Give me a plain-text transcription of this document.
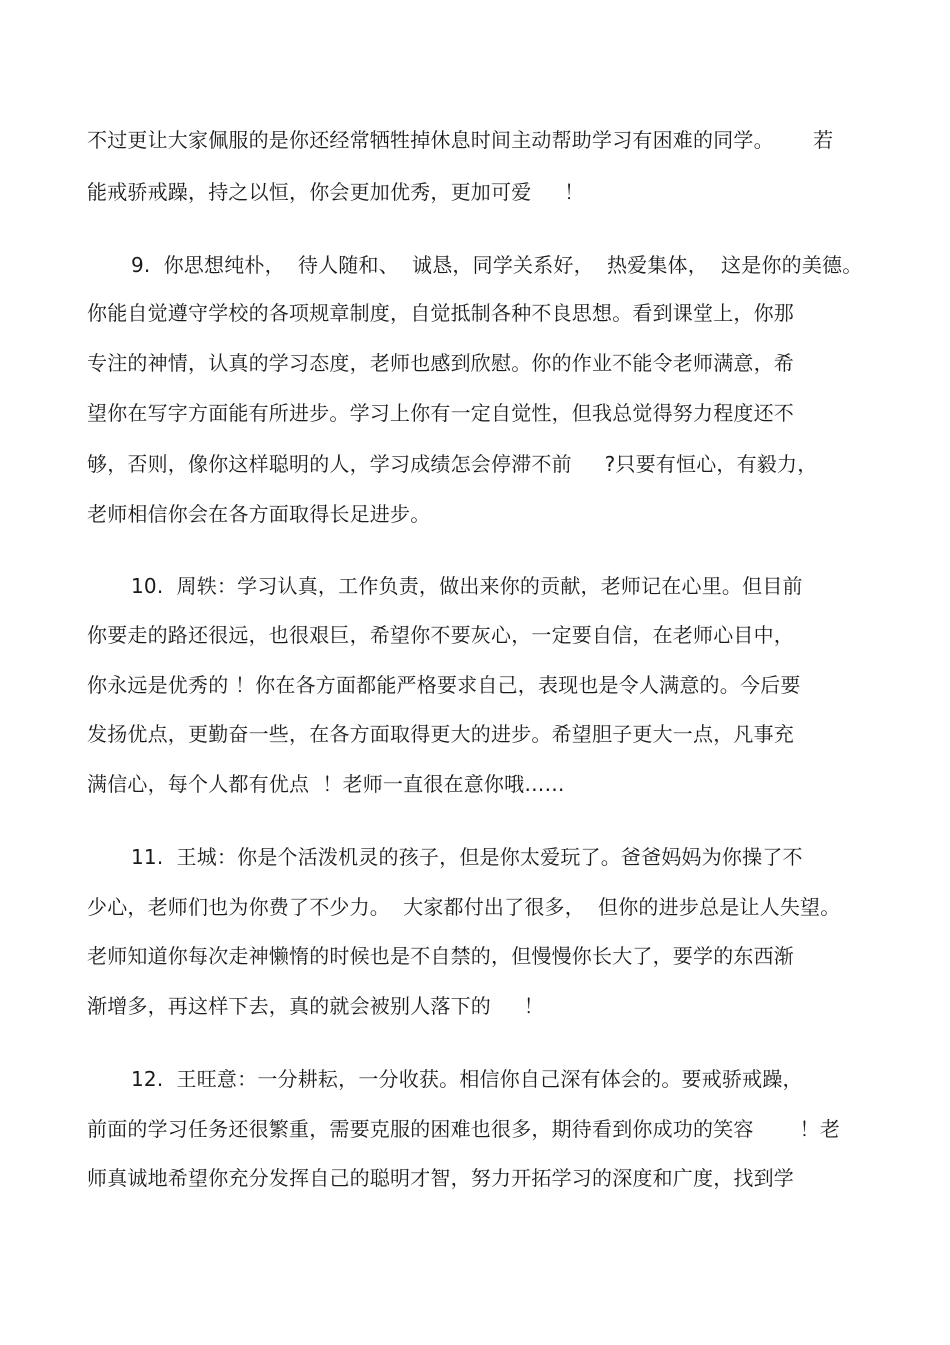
不过更让大家佩服的是你还经常牺牲掉休息时间主动帮助学习有困难的同学。      若
能戒骄戒躁，持之以恒，你会更加优秀，更加可爱     ！
9.  你思想纯朴，  待人随和、  诚恳，同学关系好，  热爱集体，  这是你的美德。
你能自觉遵守学校的各项规章制度，自觉抵制各种不良思想。看到课堂上，你那
专注的神情，认真的学习态度，老师也感到欣慰。你的作业不能令老师满意，希
望你在写字方面能有所进步。学习上你有一定自觉性，但我总觉得努力程度还不
够，否则，像你这样聪明的人，学习成绩怎会停滞不前     ?只要有恒心，有毅力，
老师相信你会在各方面取得长足进步。
10.  周轶：学习认真，工作负责，做出来你的贡献，老师记在心里。但目前
你要走的路还很远，也很艰巨，希望你不要灰心，一定要自信，在老师心目中，
你永远是优秀的 ！你在各方面都能严格要求自己，表现也是令人满意的。今后要
发扬优点，更勤奋一些，在各方面取得更大的进步。希望胆子更大一点，凡事充
满信心，每个人都有优点  ！老师一直很在意你哦……
11.  王城：你是个活泼机灵的孩子，但是你太爱玩了。爸爸妈妈为你操了不
少心，老师们也为你费了不少力。  大家都付出了很多，  但你的进步总是让人失望。
老师知道你每次走神懒惰的时候也是不自禁的，但慢慢你长大了，要学的东西渐
渐增多，再这样下去，真的就会被别人落下的     ！
12.  王旺意：一分耕耘，一分收获。相信你自己深有体会的。要戒骄戒躁，
前面的学习任务还很繁重，需要克服的困难也很多，期待看到你成功的笑容       ！老
师真诚地希望你充分发挥自己的聪明才智，努力开拓学习的深度和广度，找到学
